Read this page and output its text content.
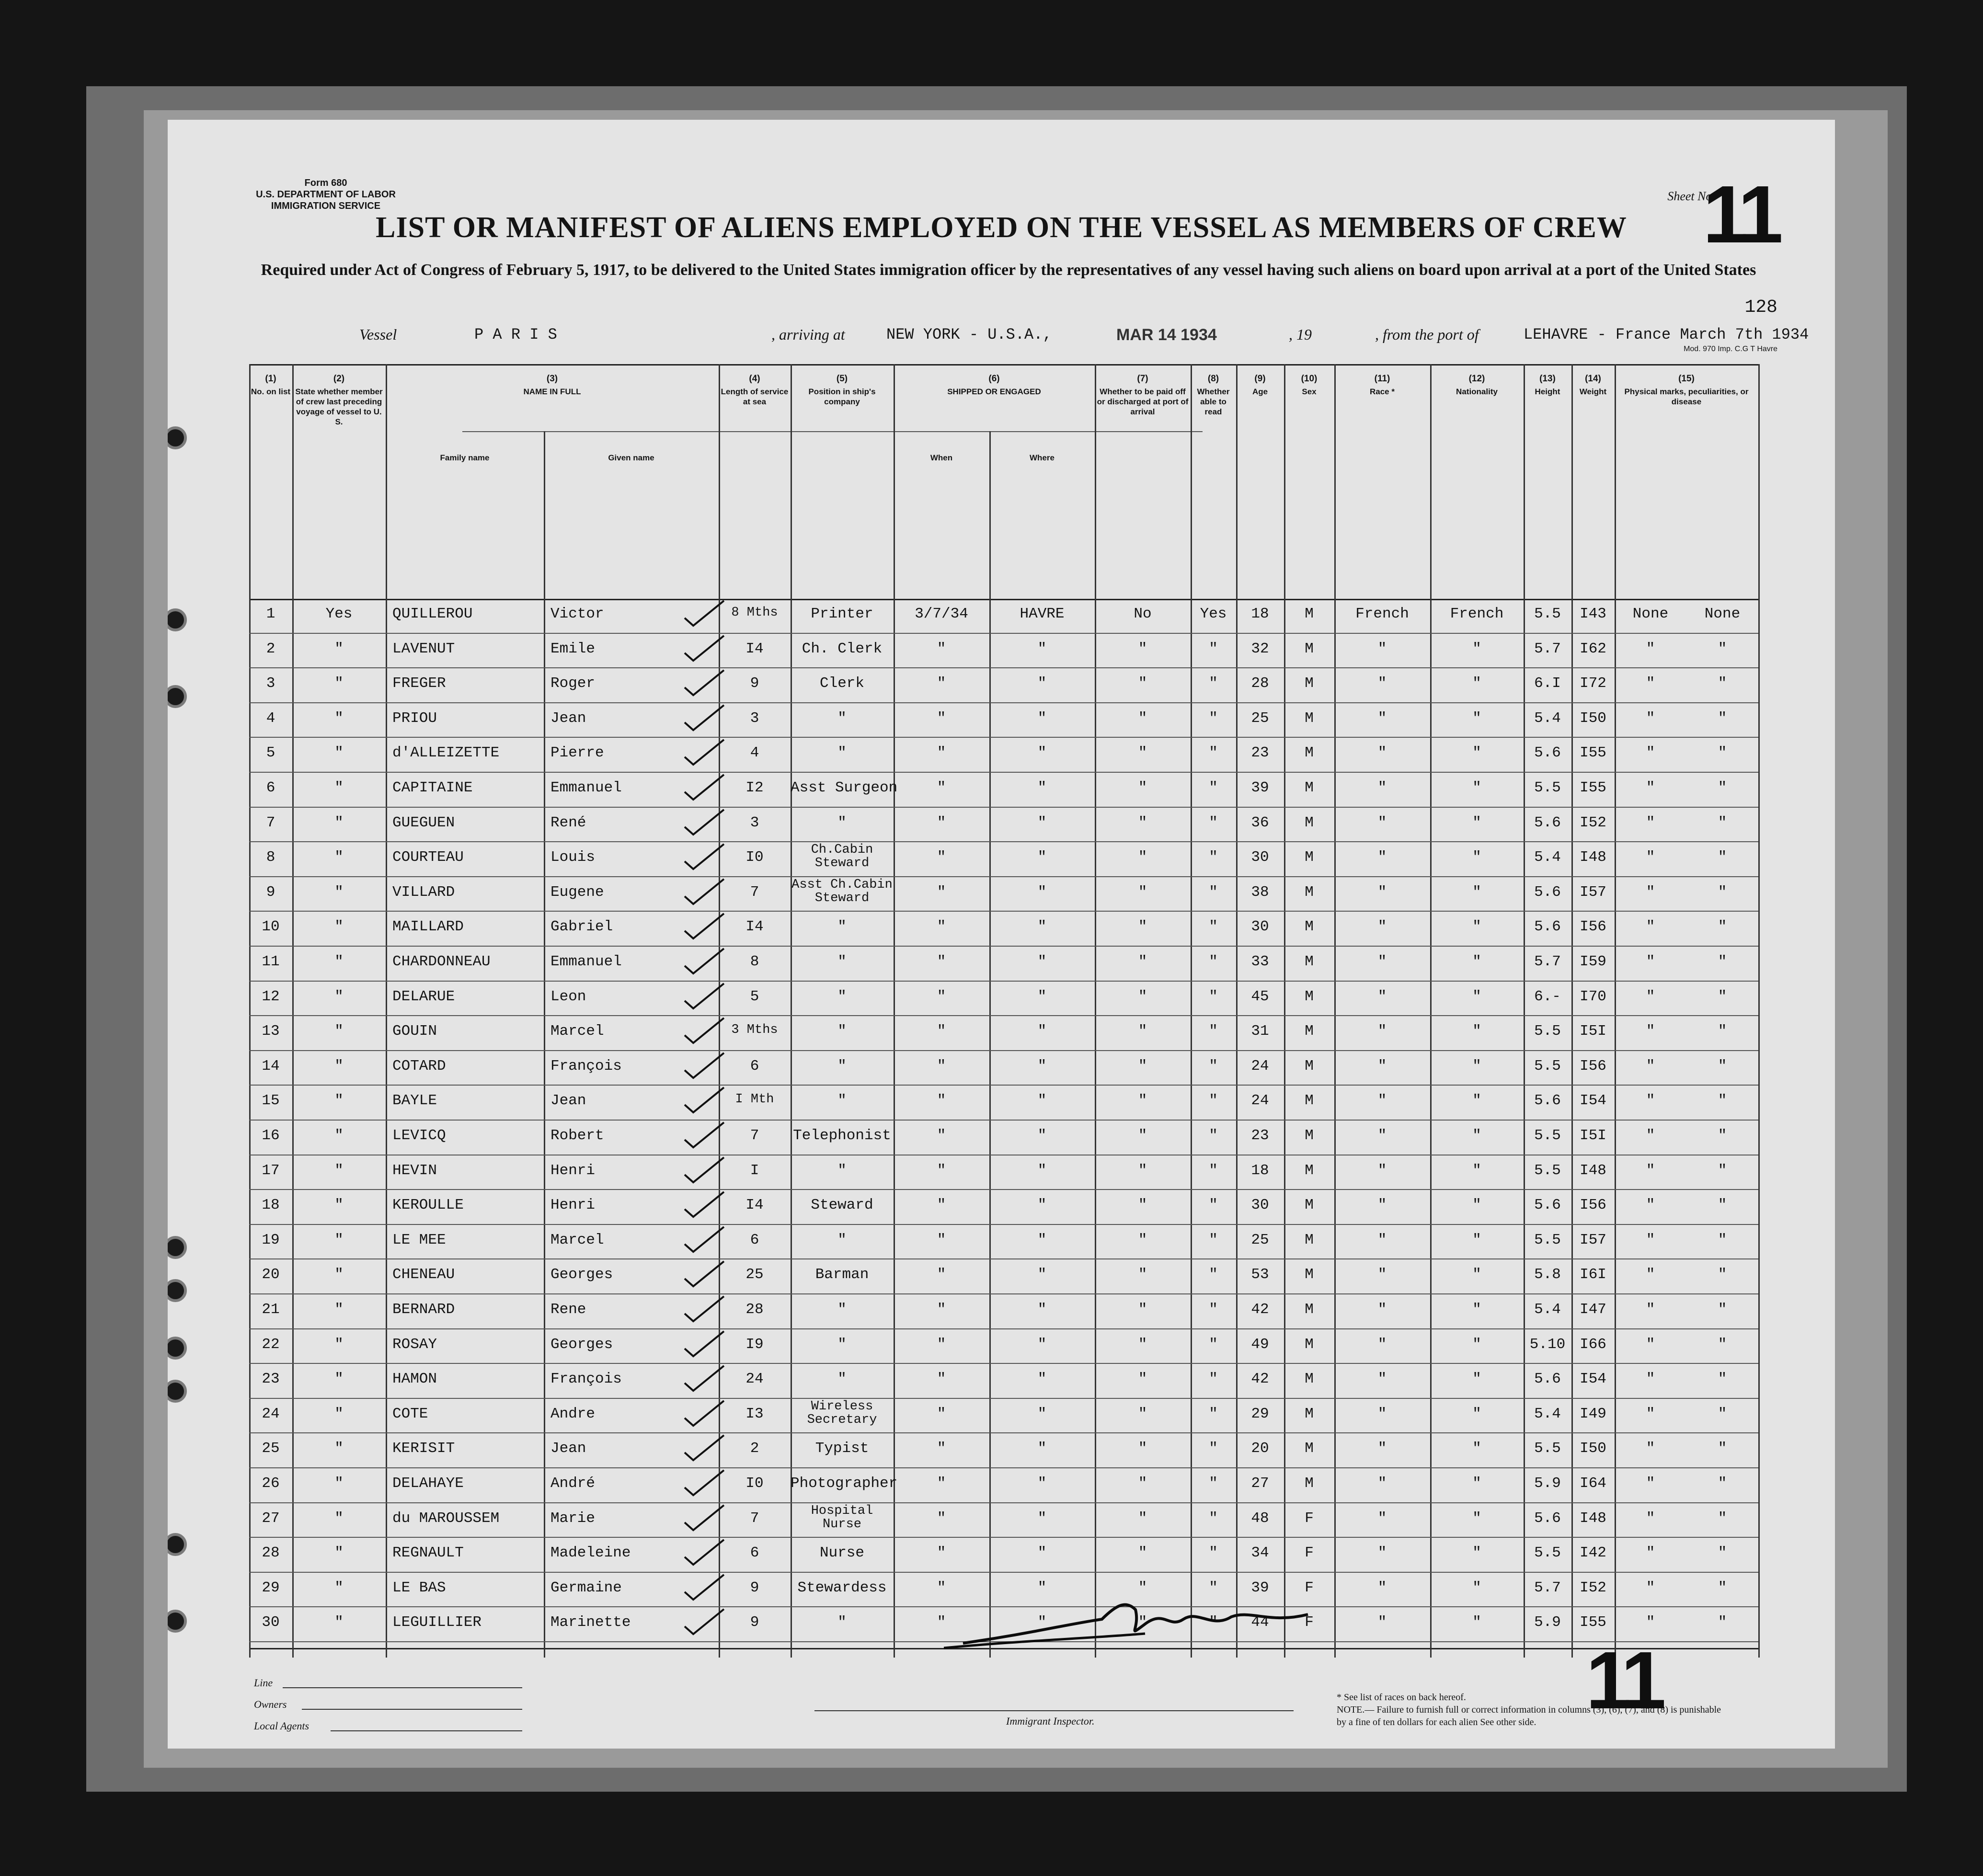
Form 680
U.S. DEPARTMENT OF LABOR
IMMIGRATION SERVICE
Sheet No.
11
LIST OR MANIFEST OF ALIENS EMPLOYED ON THE VESSEL AS MEMBERS OF CREW
Required under Act of Congress of February 5, 1917, to be delivered to the United States immigration officer by the representatives of any vessel having such aliens on board upon arrival at a port of the United States
128
Vessel	P A R I S	, arriving at	NEW YORK - U.S.A.,	MAR 14 1934	, 19	, from the port of	LEHAVRE - France March 7th 1934
Mod. 970 Imp. C.G T Havre
(1)
No. on list
(2)
State whether member of crew last preceding voyage of vessel to U. S.
(3)
NAME IN FULL
Family name	Given name
(4)
Length of service at sea
(5)
Position in ship's company
(6)
SHIPPED OR ENGAGED
When	Where
(7)
Whether to be paid off or discharged at port of arrival
(8)
Whether able to read
(9)
Age
(10)
Sex
(11)
Race *
(12)
Nationality
(13)
Height
(14)
Weight
(15)
Physical marks, peculiarities, or disease
1	Yes	QUILLEROU	Victor	8 Mths	Printer	3/7/34	HAVRE	No	Yes	18	M	French	French	5.5	I43	None	None
2	"	LAVENUT	Emile	I4	Ch. Clerk	"	"	"	"	32	M	"	"	5.7	I62	"	"
3	"	FREGER	Roger	9	Clerk	"	"	"	"	28	M	"	"	6.I	I72	"	"
4	"	PRIOU	Jean	3	"	"	"	"	"	25	M	"	"	5.4	I50	"	"
5	"	d'ALLEIZETTE	Pierre	4	"	"	"	"	"	23	M	"	"	5.6	I55	"	"
6	"	CAPITAINE	Emmanuel	I2	Asst Surgeon	"	"	"	"	39	M	"	"	5.5	I55	"	"
7	"	GUEGUEN	René	3	"	"	"	"	"	36	M	"	"	5.6	I52	"	"
8	"	COURTEAU	Louis	I0	Ch.Cabin Steward	"	"	"	"	30	M	"	"	5.4	I48	"	"
9	"	VILLARD	Eugene	7	Asst Ch.Cabin Steward	"	"	"	"	38	M	"	"	5.6	I57	"	"
10	"	MAILLARD	Gabriel	I4	"	"	"	"	"	30	M	"	"	5.6	I56	"	"
11	"	CHARDONNEAU	Emmanuel	8	"	"	"	"	"	33	M	"	"	5.7	I59	"	"
12	"	DELARUE	Leon	5	"	"	"	"	"	45	M	"	"	6.-	I70	"	"
13	"	GOUIN	Marcel	3 Mths	"	"	"	"	"	31	M	"	"	5.5	I5I	"	"
14	"	COTARD	François	6	"	"	"	"	"	24	M	"	"	5.5	I56	"	"
15	"	BAYLE	Jean	I Mth	"	"	"	"	"	24	M	"	"	5.6	I54	"	"
16	"	LEVICQ	Robert	7	Telephonist	"	"	"	"	23	M	"	"	5.5	I5I	"	"
17	"	HEVIN	Henri	I	"	"	"	"	"	18	M	"	"	5.5	I48	"	"
18	"	KEROULLE	Henri	I4	Steward	"	"	"	"	30	M	"	"	5.6	I56	"	"
19	"	LE MEE	Marcel	6	"	"	"	"	"	25	M	"	"	5.5	I57	"	"
20	"	CHENEAU	Georges	25	Barman	"	"	"	"	53	M	"	"	5.8	I6I	"	"
21	"	BERNARD	Rene	28	"	"	"	"	"	42	M	"	"	5.4	I47	"	"
22	"	ROSAY	Georges	I9	"	"	"	"	"	49	M	"	"	5.10 I66	"	"
23	"	HAMON	François	24	"	"	"	"	"	42	M	"	"	5.6	I54	"	"
24	"	COTE	Andre	I3	Wireless Secretary	"	"	"	"	29	M	"	"	5.4	I49	"	"
25	"	KERISIT	Jean	2	Typist	"	"	"	"	20	M	"	"	5.5	I50	"	"
26	"	DELAHAYE	André	I0	Photographer	"	"	"	"	27	M	"	"	5.9	I64	"	"
27	"	du MAROUSSEM	Marie	7	Hospital Nurse	"	"	"	"	48	F	"	"	5.6	I48	"	"
28	"	REGNAULT	Madeleine	6	Nurse	"	"	"	"	34	F	"	"	5.5	I42	"	"
29	"	LE BAS	Germaine	9	Stewardess	"	"	"	"	39	F	"	"	5.7	I52	"	"
30	"	LEGUILLIER	Marinette	9	"	"	"	"	"	44	F	"	"	5.9	I55	"	"
Line
Owners
Local Agents	Immigrant Inspector.
* See list of races on back hereof.
NOTE.— Failure to furnish full or correct information in columns (3), (6), (7), and (8) is punishable by a fine of ten dollars for each alien See other side. 11
